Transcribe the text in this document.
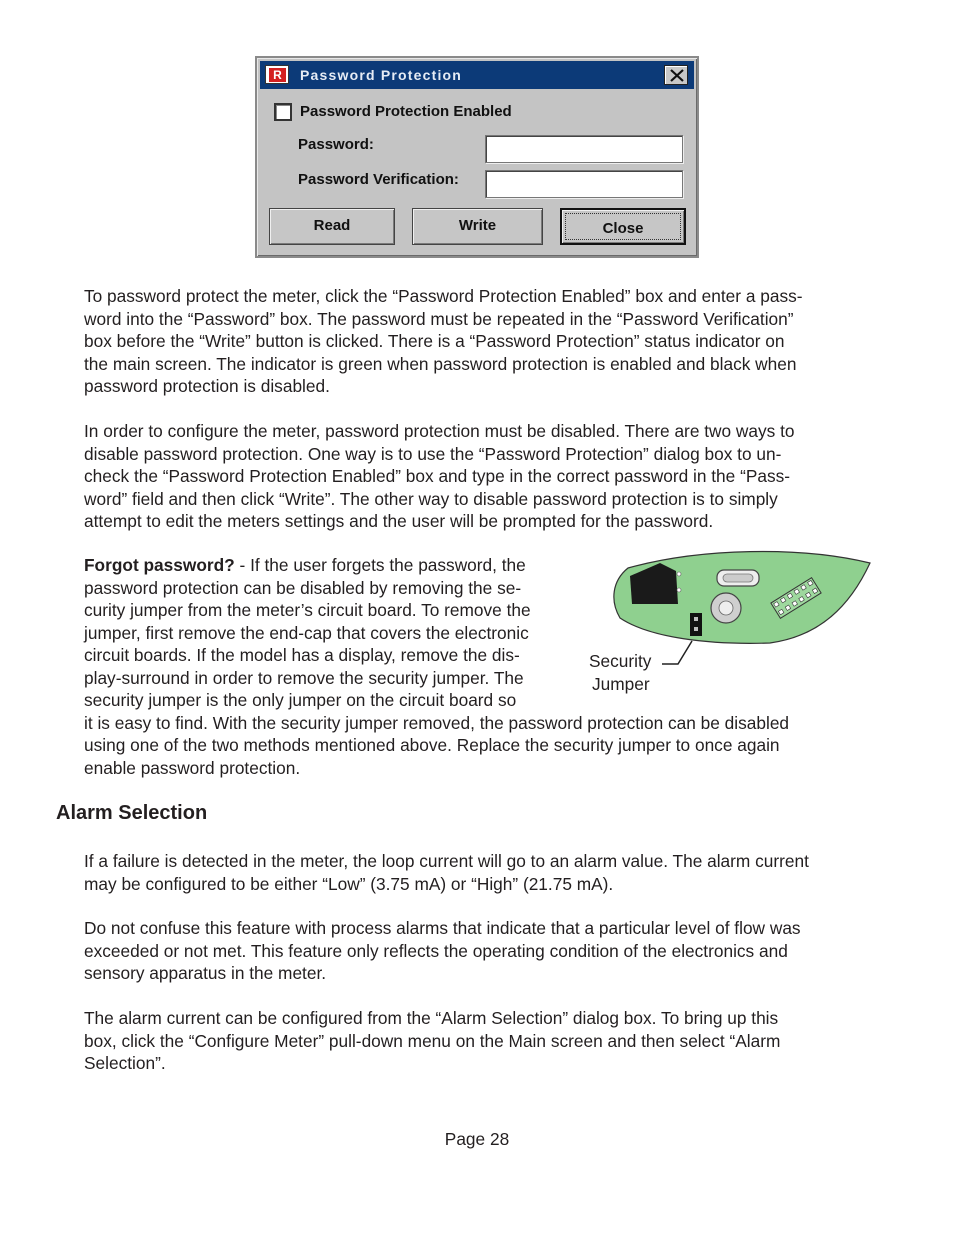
R Password Protection
Password Protection Enabled
Password:
Password Verification:
Read	Write	Close
To password protect the meter, click the “Password Protection Enabled” box and enter a pass-
word into the “Password” box. The password must be repeated in the “Password Verification”
box before the “Write” button is clicked. There is a “Password Protection” status indicator on
the main screen. The indicator is green when password protection is enabled and black when
password protection is disabled.
In order to configure the meter, password protection must be disabled. There are two ways to
disable password protection. One way is to use the “Password Protection” dialog box to un-
check the “Password Protection Enabled” box and type in the correct password in the “Pass-
word” field and then click “Write”. The other way to disable password protection is to simply
attempt to edit the meters settings and the user will be prompted for the password.
Forgot password? - If the user forgets the password, the
password protection can be disabled by removing the se-
curity jumper from the meter’s circuit board. To remove the
jumper, first remove the end-cap that covers the electronic
circuit boards. If the model has a display, remove the dis-
play-surround in order to remove the security jumper. The
security jumper is the only jumper on the circuit board so
it is easy to find. With the security jumper removed, the password protection can be disabled
using one of the two methods mentioned above. Replace the security jumper to once again
enable password protection.
Security
Jumper
Alarm Selection
If a failure is detected in the meter, the loop current will go to an alarm value. The alarm current
may be configured to be either “Low” (3.75 mA) or “High” (21.75 mA).
Do not confuse this feature with process alarms that indicate that a particular level of flow was
exceeded or not met. This feature only reflects the operating condition of the electronics and
sensory apparatus in the meter.
The alarm current can be configured from the “Alarm Selection” dialog box. To bring up this
box, click the “Configure Meter” pull-down menu on the Main screen and then select “Alarm
Selection”.
Page 28
